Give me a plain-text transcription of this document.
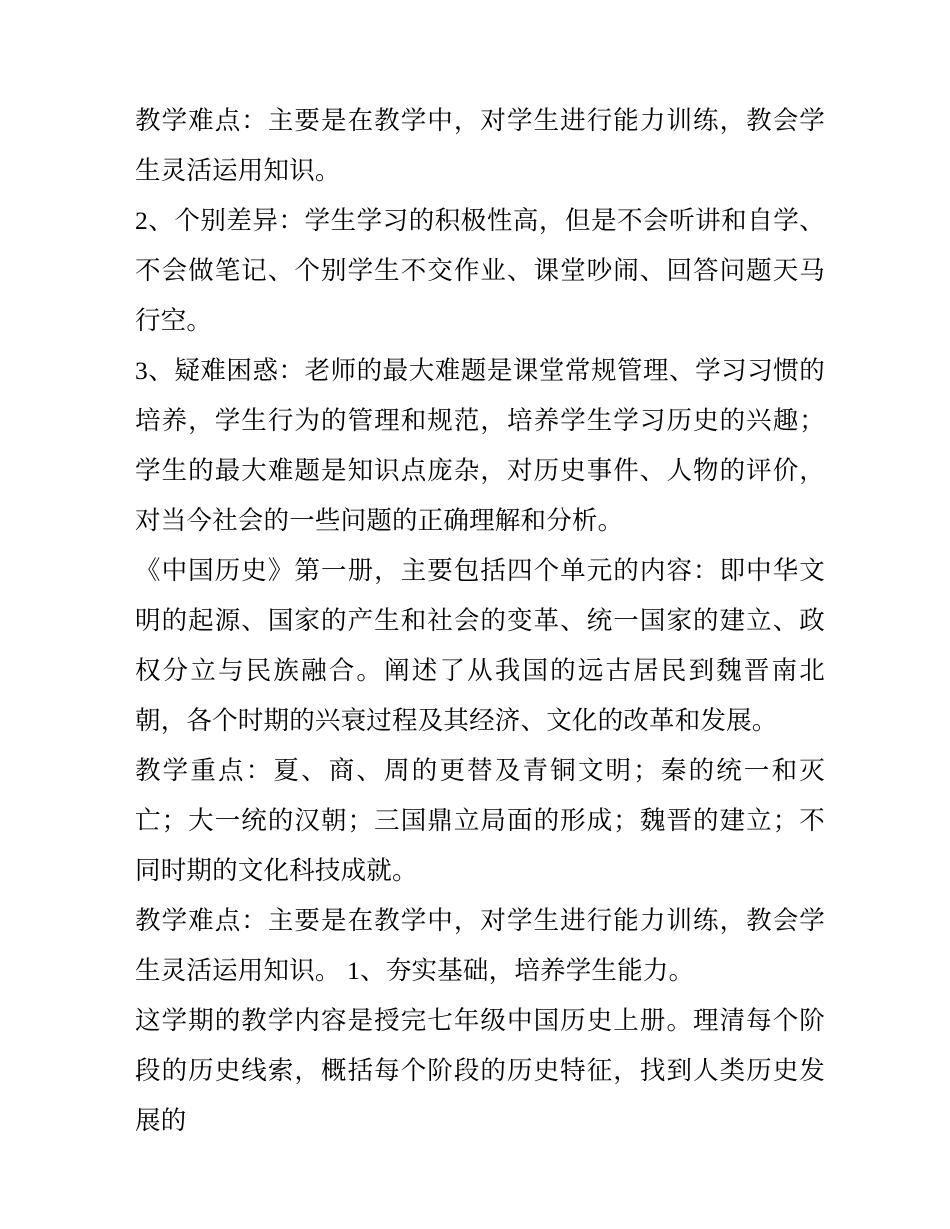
教学难点：主要是在教学中，对学生进行能力训练，教会学生灵活运用知识。

2、个别差异：学生学习的积极性高，但是不会听讲和自学、不会做笔记、个别学生不交作业、课堂吵闹、回答问题天马行空。

3、疑难困惑：老师的最大难题是课堂常规管理、学习习惯的培养，学生行为的管理和规范，培养学生学习历史的兴趣；学生的最大难题是知识点庞杂，对历史事件、人物的评价，对当今社会的一些问题的正确理解和分析。

《中国历史》第一册，主要包括四个单元的内容：即中华文明的起源、国家的产生和社会的变革、统一国家的建立、政权分立与民族融合。阐述了从我国的远古居民到魏晋南北朝，各个时期的兴衰过程及其经济、文化的改革和发展。

教学重点：夏、商、周的更替及青铜文明；秦的统一和灭亡；大一统的汉朝；三国鼎立局面的形成；魏晋的建立；不同时期的文化科技成就。

教学难点：主要是在教学中，对学生进行能力训练，教会学生灵活运用知识。 1、夯实基础，培养学生能力。

这学期的教学内容是授完七年级中国历史上册。理清每个阶段的历史线索，概括每个阶段的历史特征，找到人类历史发展的
